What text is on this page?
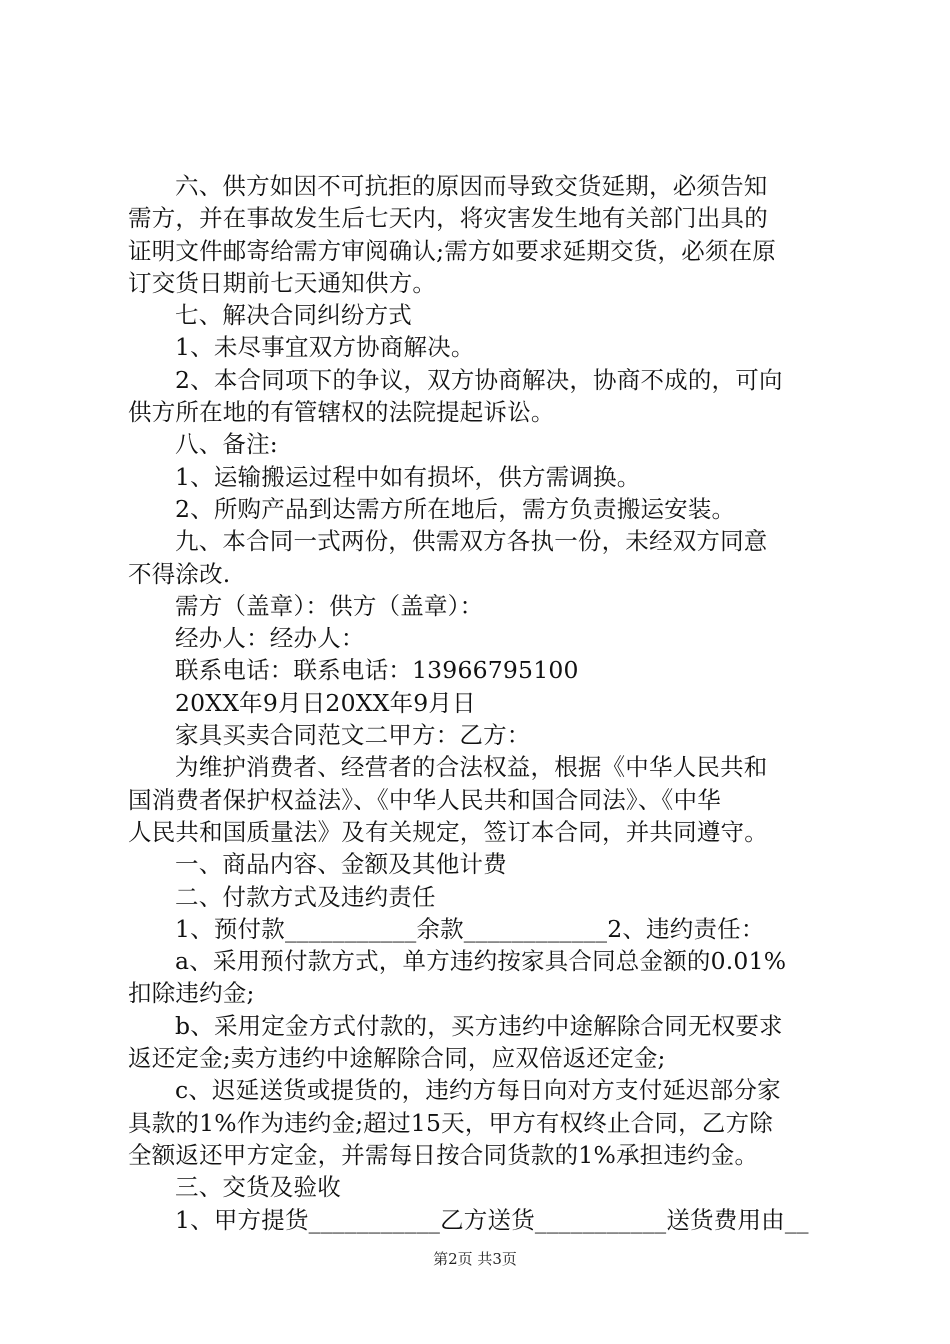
六、供方如因不可抗拒的原因而导致交货延期，必须告知
需方，并在事故发生后七天内，将灾害发生地有关部门出具的
证明文件邮寄给需方审阅确认;需方如要求延期交货，必须在原
订交货日期前七天通知供方。
七、解决合同纠纷方式
1、未尽事宜双方协商解决。
2、本合同项下的争议，双方协商解决，协商不成的，可向
供方所在地的有管辖权的法院提起诉讼。
八、备注:
1、运输搬运过程中如有损坏，供方需调换。
2、所购产品到达需方所在地后，需方负责搬运安装。
九、本合同一式两份，供需双方各执一份，未经双方同意
不得涂改.
需方（盖章）：供方（盖章）：
经办人：经办人：
联系电话：联系电话：13966795100
20XX年9月日20XX年9月日
家具买卖合同范文二甲方：乙方：
为维护消费者、经营者的合法权益，根据《中华人民共和
国消费者保护权益法》、《中华人民共和国合同法》、《中华
人民共和国质量法》及有关规定，签订本合同，并共同遵守。
一、商品内容、金额及其他计费
二、付款方式及违约责任
1、预付款___________余款____________2、违约责任：
a、采用预付款方式，单方违约按家具合同总金额的0.01%
扣除违约金;
b、采用定金方式付款的，买方违约中途解除合同无权要求
返还定金;卖方违约中途解除合同，应双倍返还定金;
c、迟延送货或提货的，违约方每日向对方支付延迟部分家
具款的1%作为违约金;超过15天，甲方有权终止合同，乙方除
全额返还甲方定金，并需每日按合同货款的1%承担违约金。
三、交货及验收
1、甲方提货___________乙方送货___________送货费用由__
第2页 共3页
